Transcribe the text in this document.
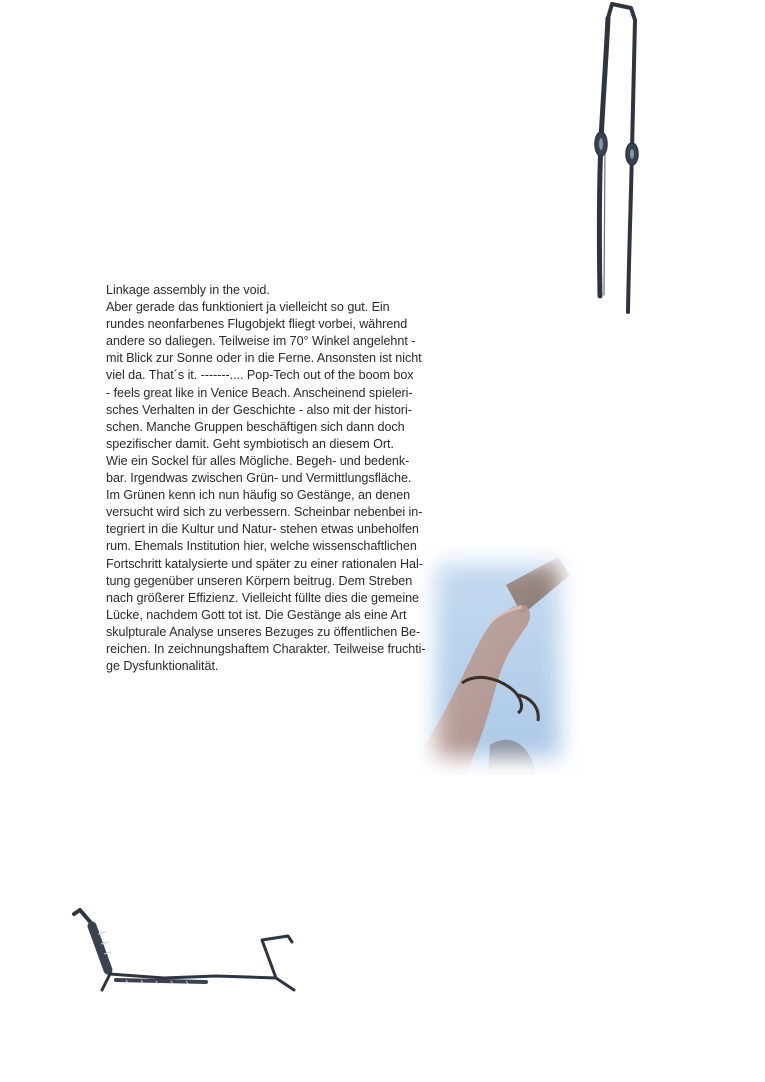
Linkage assembly in the void.
Aber gerade das funktioniert ja vielleicht so gut. Ein
rundes neonfarbenes Flugobjekt fliegt vorbei, während
andere so daliegen. Teilweise im 70° Winkel angelehnt -
mit Blick zur Sonne oder in die Ferne. Ansonsten ist nicht
viel da. That´s it. -------.... Pop-Tech out of the boom box
- feels great like in Venice Beach. Anscheinend spieleri-
sches Verhalten in der Geschichte - also mit der histori-
schen. Manche Gruppen beschäftigen sich dann doch
spezifischer damit. Geht symbiotisch an diesem Ort.
Wie ein Sockel für alles Mögliche. Begeh- und bedenk-
bar. Irgendwas zwischen Grün- und Vermittlungsfläche.
Im Grünen kenn ich nun häufig so Gestänge, an denen
versucht wird sich zu verbessern. Scheinbar nebenbei in-
tegriert in die Kultur und Natur- stehen etwas unbeholfen
rum. Ehemals Institution hier, welche wissenschaftlichen
Fortschritt katalysierte und später zu einer rationalen Hal-
tung gegenüber unseren Körpern beitrug. Dem Streben
nach größerer Effizienz. Vielleicht füllte dies die gemeine
Lücke, nachdem Gott tot ist. Die Gestänge als eine Art
skulpturale Analyse unseres Bezuges zu öffentlichen Be-
reichen. In zeichnungshaftem Charakter. Teilweise fruchti-
ge Dysfunktionalität.
